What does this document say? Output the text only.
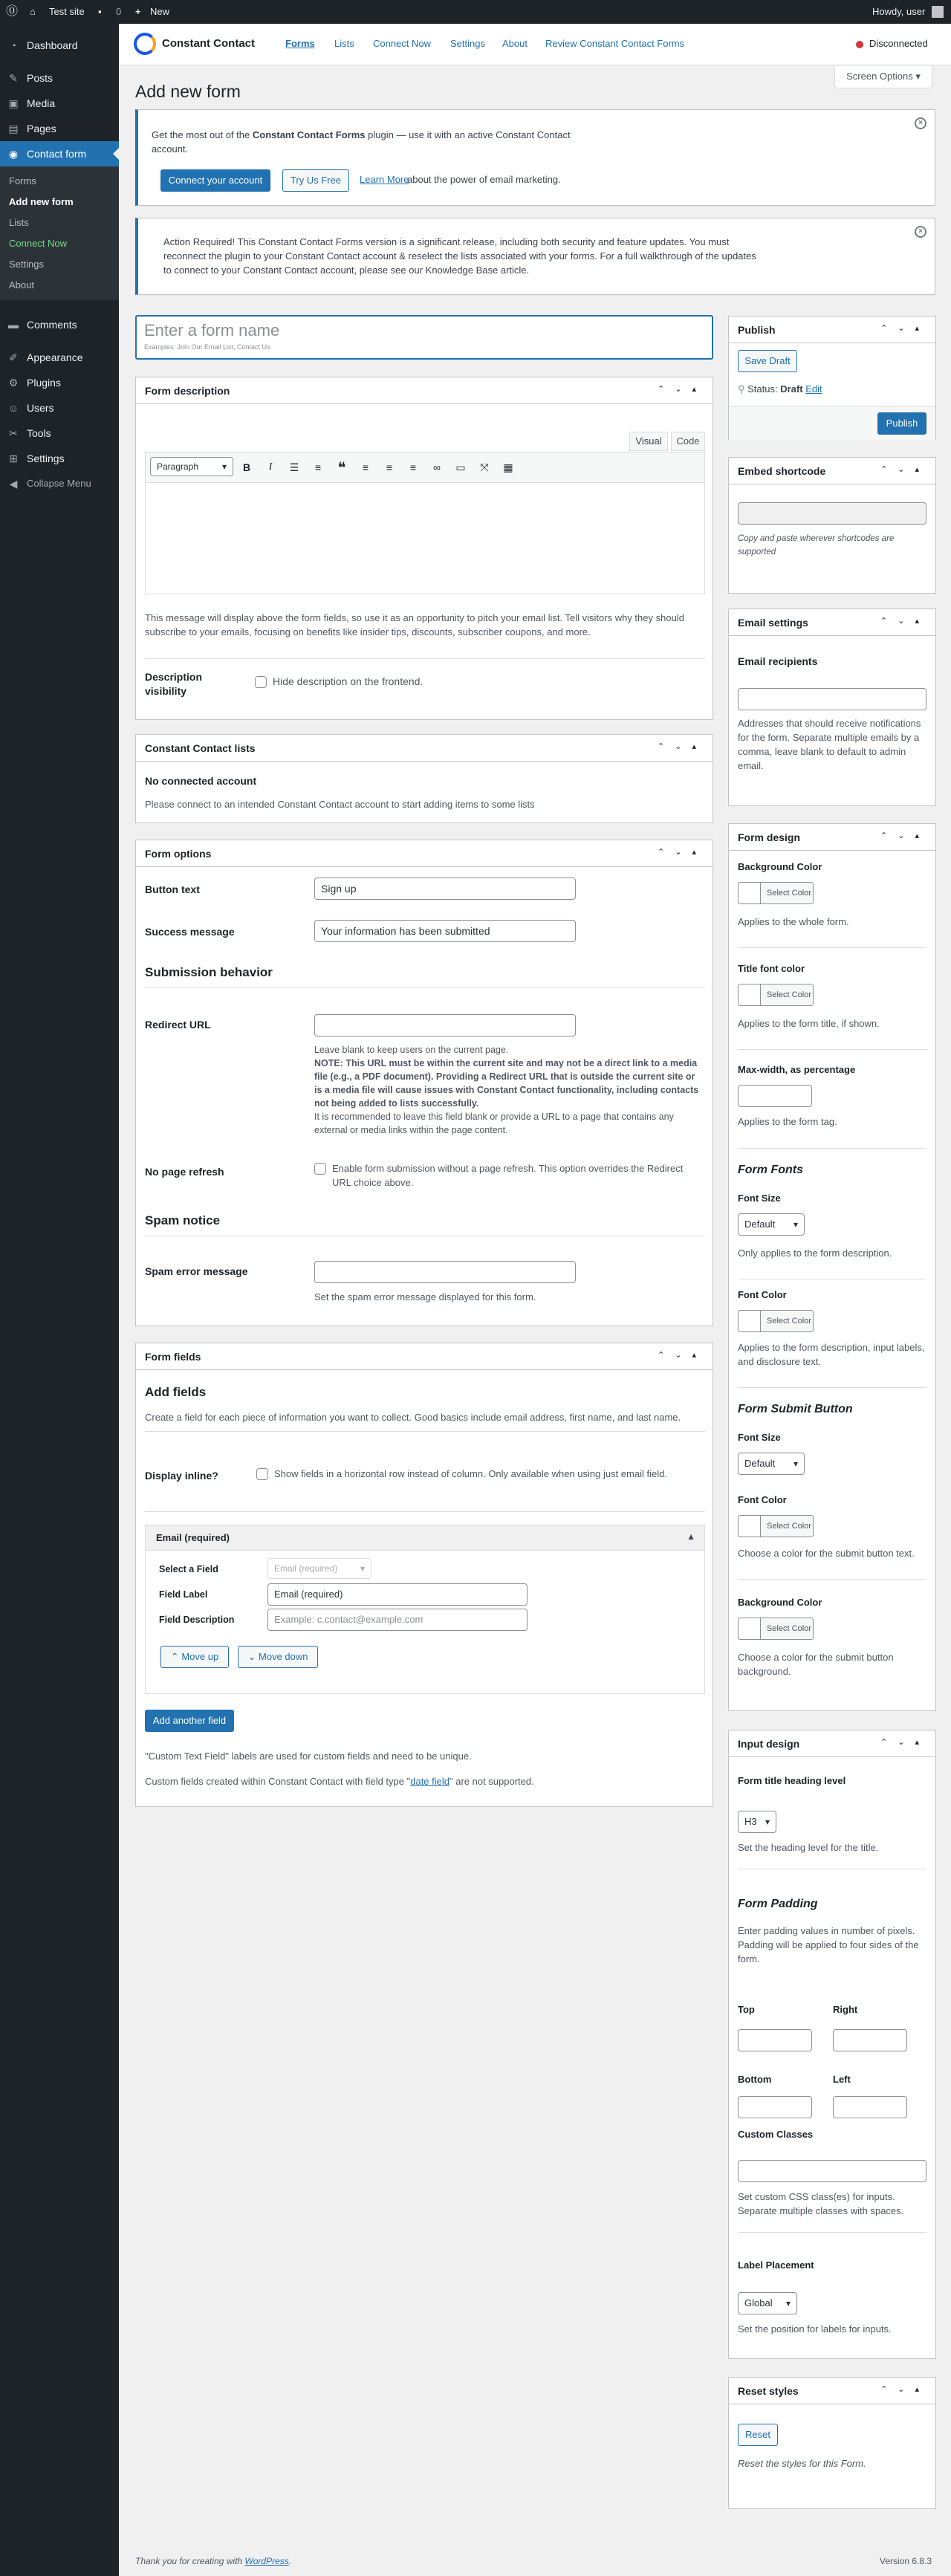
⓪ ⌂ Test site ▪ 0 + New	Howdy, user
◔ Dashboard
✎ Posts
▣ Media
▤ Pages
◉ Contact form
Forms
Add new form
Lists
Connect Now
Settings
About
▬ Comments
✐ Appearance
⚙ Plugins
☺ Users
✂ Tools
⊞ Settings
◀ Collapse Menu
Constant Contact	Forms Lists Connect Now Settings About Review Constant Contact Forms	Disconnected
Screen Options ▾
Add new form
Get the most out of the Constant Contact Forms plugin — use it with an active Constant Contact account.
Connect your account	Try Us Free	Learn More
about the power of email marketing.
×
Action Required! This Constant Contact Forms version is a significant release, including both security and feature updates. You must reconnect the plugin to your Constant Contact account & reselect the lists associated with your forms. For a full walkthrough of the updates to connect to your Constant Contact account, please see our Knowledge Base article.
×
Enter a form name
Examples: Join Our Email List, Contact Us
Form description	⌃⌄▴
Visual	Code
Paragraph ▾	B	I	☰	≡ ❝	≡	≡	≡	∞	▭	⤧	▦
This message will display above the form fields, so use it as an opportunity to pitch your email list. Tell visitors why they should subscribe to your emails, focusing on benefits like insider tips, discounts, subscriber coupons, and more.
Description visibility
Hide description on the frontend.
Constant Contact lists	⌃⌄▴
No connected account
Please connect to an intended Constant Contact account to start adding items to some lists
Form options	⌃⌄▴
Button text	Sign up
Success message	Your information has been submitted
Submission behavior
Redirect URL
Leave blank to keep users on the current page.
NOTE: This URL must be within the current site and may not be a direct link to a media file (e.g., a PDF document). Providing a Redirect URL that is outside the current site or is a media file will cause issues with Constant Contact functionality, including contacts not being added to lists successfully.
It is recommended to leave this field blank or provide a URL to a page that contains any external or media links within the page content.
No page refresh	Enable form submission without a page refresh. This option overrides the Redirect URL choice above.
Spam notice
Spam error message
Set the spam error message displayed for this form.
Form fields	⌃⌄▴
Add fields
Create a field for each piece of information you want to collect. Good basics include email address, first name, and last name.
Display inline?	Show fields in a horizontal row instead of column. Only available when using just email field.
Email (required)	▲
Select a Field	Email (required) ▾
Field Label	Email (required)
Field Description	Example: c.contact@example.com
⌃ Move up	⌄ Move down
Add another field
"Custom Text Field" labels are used for custom fields and need to be unique.
Custom fields created within Constant Contact with field type "date field" are not supported.
Publish	⌃⌄▴
Save Draft
⚲ Status: Draft Edit
Publish
Embed shortcode	⌃⌄▴
Copy and paste wherever shortcodes are supported
Email settings	⌃⌄▴
Email recipients
Addresses that should receive notifications for the form. Separate multiple emails by a comma, leave blank to default to admin email.
Form design	⌃⌄▴
Background Color
Select Color
Applies to the whole form.
Title font color
Select Color
Applies to the form title, if shown.
Max-width, as percentage
Applies to the form tag.
Form Fonts
Font Size
Default ▾
Only applies to the form description.
Font Color
Select Color
Applies to the form description, input labels, and disclosure text.
Form Submit Button
Font Size
Default ▾
Font Color
Select Color
Choose a color for the submit button text.
Background Color
Select Color
Choose a color for the submit button background.
Input design	⌃⌄▴
Form title heading level
H3 ▾
Set the heading level for the title.
Form Padding
Enter padding values in number of pixels. Padding will be applied to four sides of the form.
Top	Right
Bottom	Left
Custom Classes
Set custom CSS class(es) for inputs. Separate multiple classes with spaces.
Label Placement
Global ▾
Set the position for labels for inputs.
Reset styles	⌃⌄▴
Reset
Reset the styles for this Form.
Thank you for creating with WordPress.	Version 6.8.3
